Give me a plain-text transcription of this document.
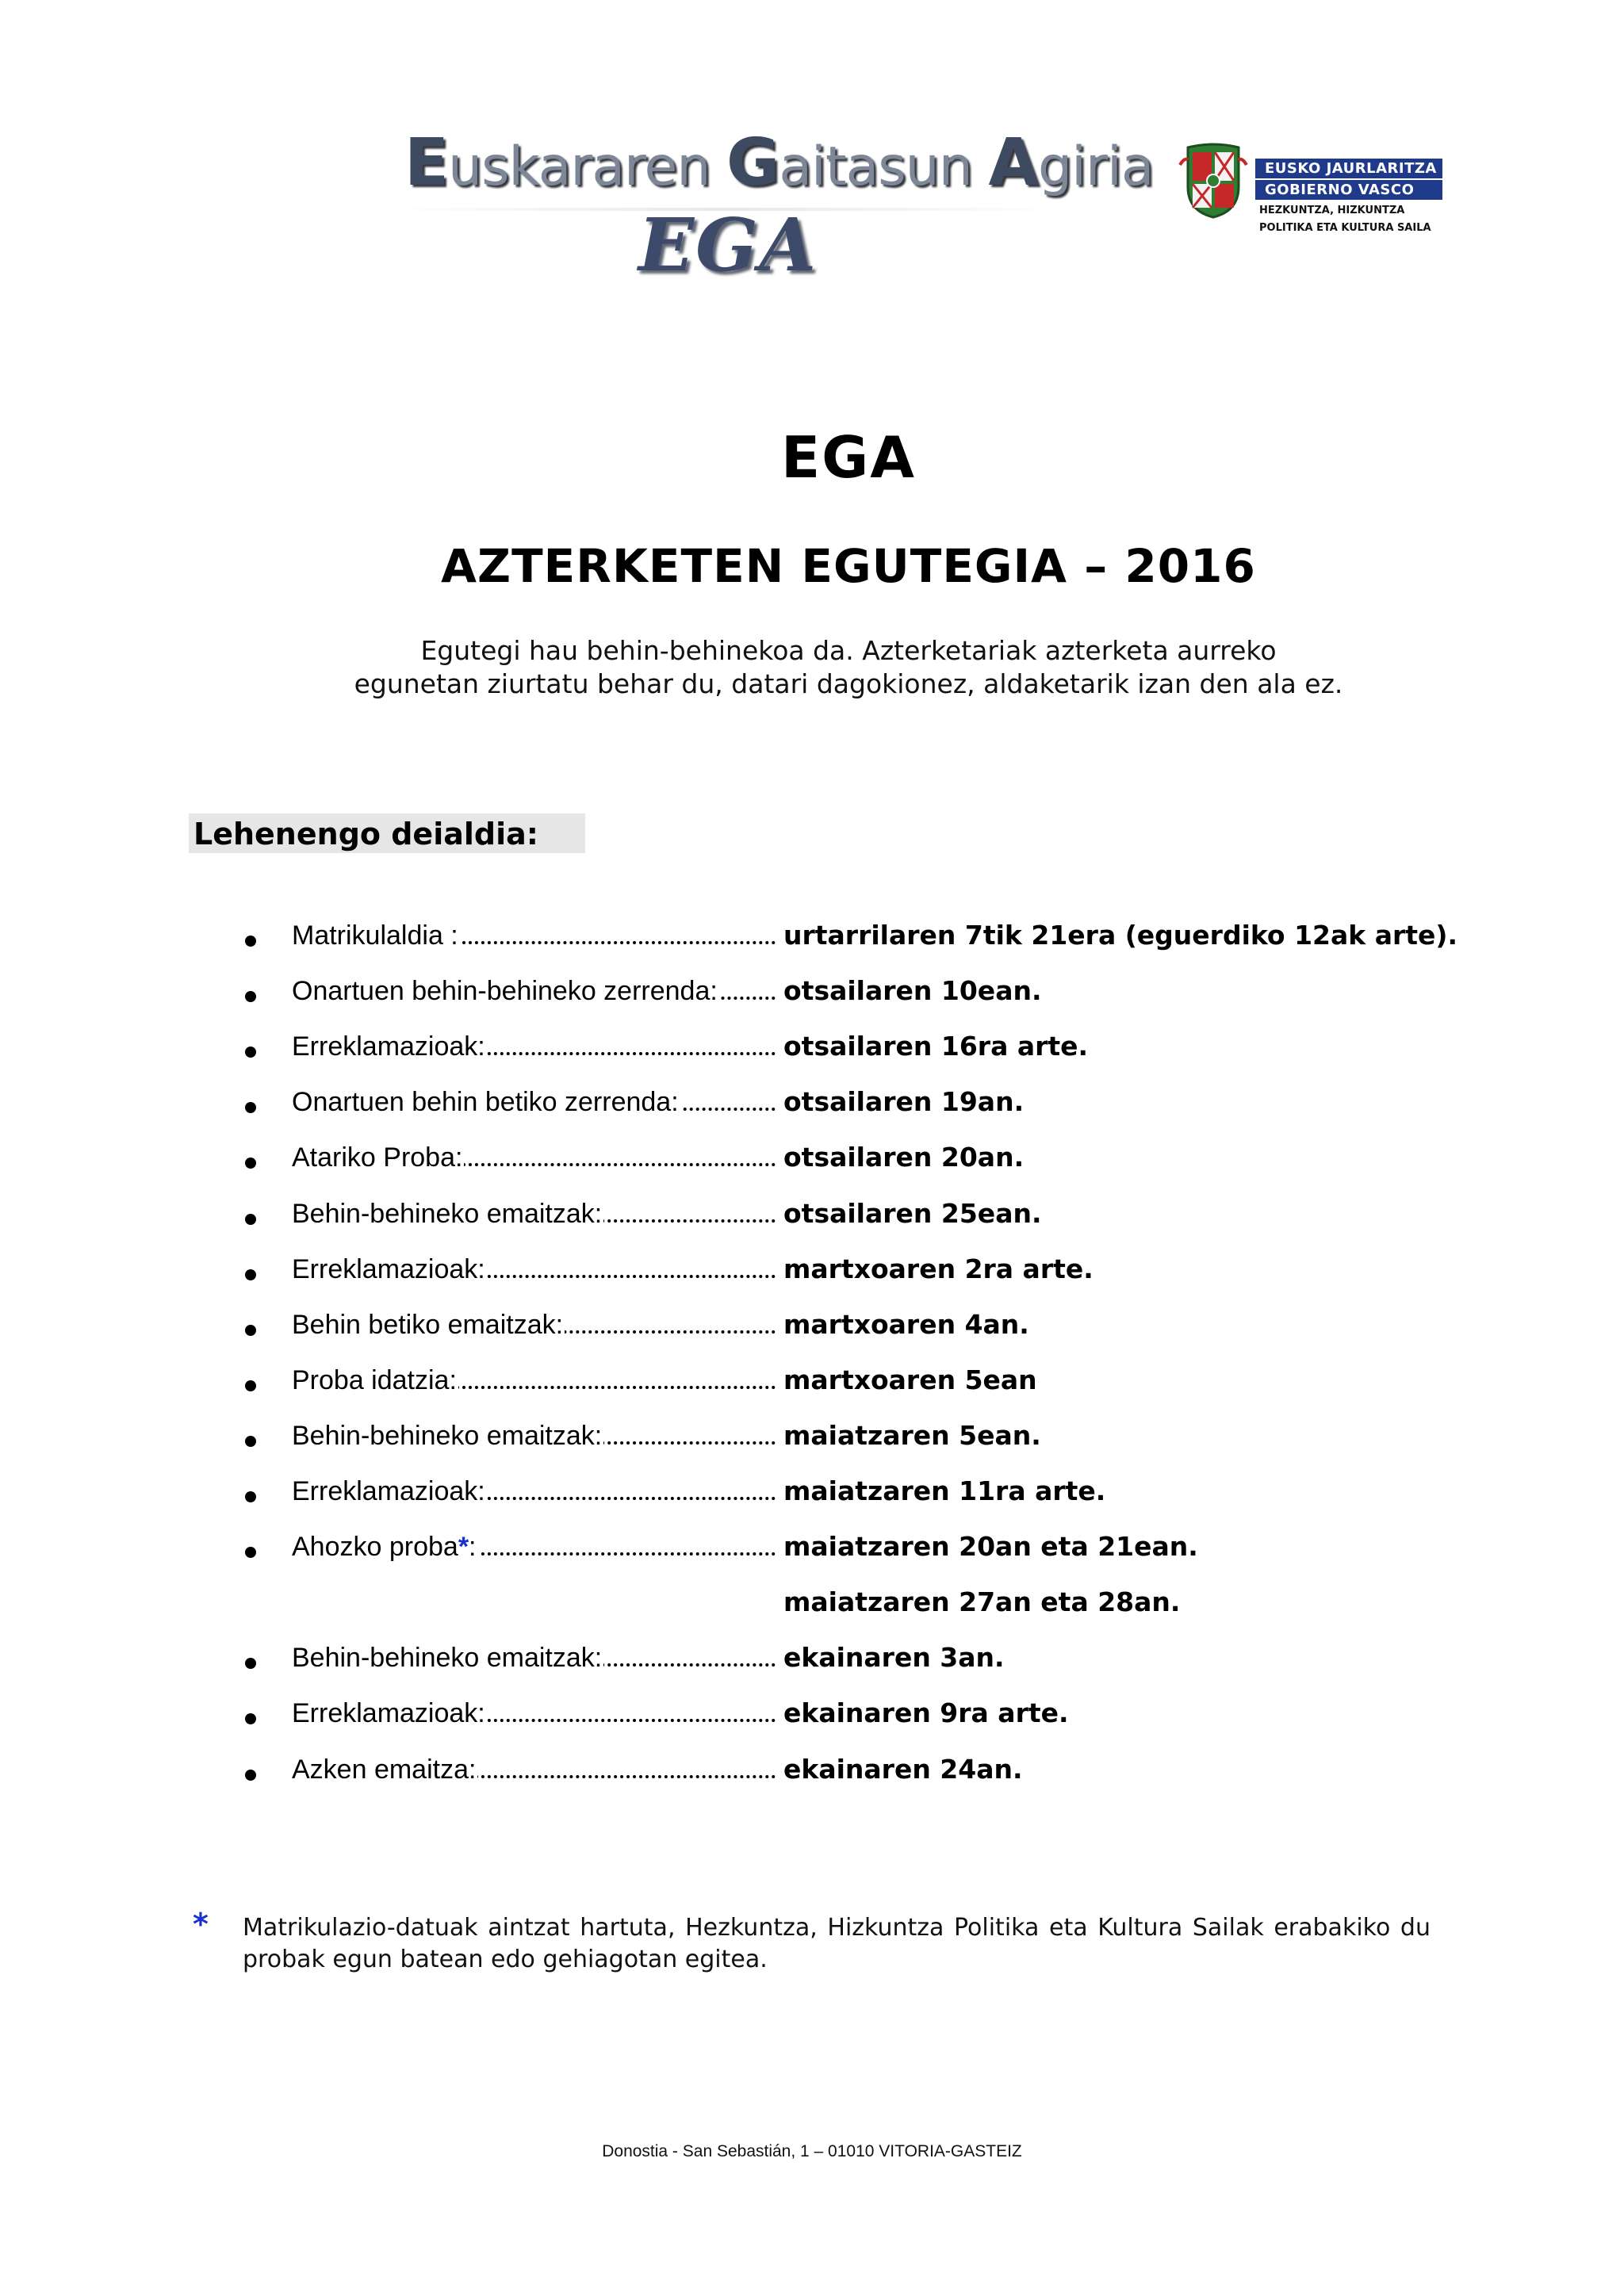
Euskararen Gaitasun Agiria
EGA
EUSKO JAURLARITZA
GOBIERNO VASCO
HEZKUNTZA, HIZKUNTZA
POLITIKA ETA KULTURA SAILA
EGA
AZTERKETEN EGUTEGIA – 2016
Egutegi hau behin-behinekoa da. Azterketariak azterketa aurreko
egunetan ziurtatu behar du, datari dagokionez, aldaketarik izan den ala ez.
Lehenengo deialdia:
Matrikulaldia :	urtarrilaren 7tik 21era (eguerdiko 12ak arte).
Onartuen behin-behineko zerrenda:	otsailaren 10ean.
Erreklamazioak:	otsailaren 16ra arte.
Onartuen behin betiko zerrenda:	otsailaren 19an.
Atariko Proba:	otsailaren 20an.
Behin-behineko emaitzak:	otsailaren 25ean.
Erreklamazioak:	martxoaren 2ra arte.
Behin betiko emaitzak:	martxoaren 4an.
Proba idatzia:	martxoaren 5ean
Behin-behineko emaitzak:	maiatzaren 5ean.
Erreklamazioak:	maiatzaren 11ra arte.
Ahozko proba*:	maiatzaren 20an eta 21ean.
maiatzaren 27an eta 28an.
Behin-behineko emaitzak:	ekainaren 3an.
Erreklamazioak:	ekainaren 9ra arte.
Azken emaitza:	ekainaren 24an.
* Matrikulazio-datuak aintzat hartuta, Hezkuntza, Hizkuntza Politika eta Kultura Sailak erabakiko du probak egun batean edo gehiagotan egitea.
Donostia - San Sebastián, 1 – 01010 VITORIA-GASTEIZ
